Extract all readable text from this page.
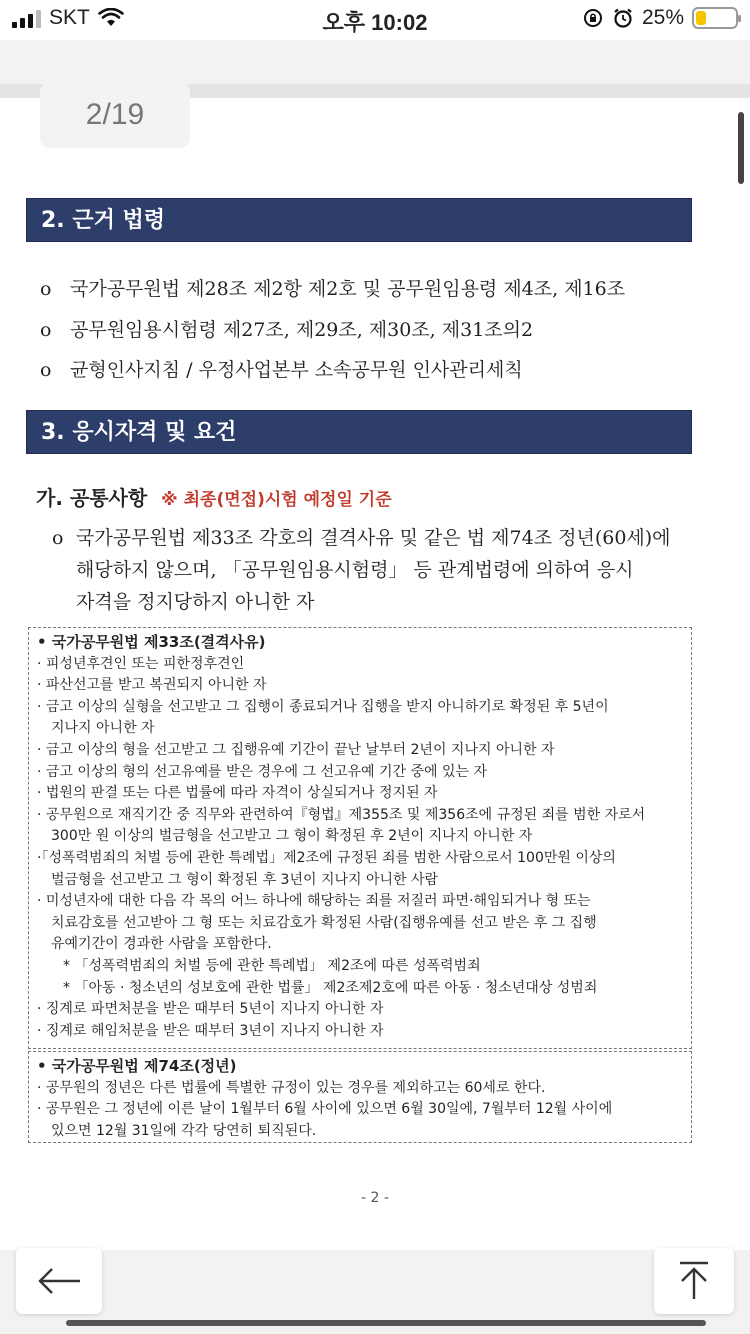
SKT	오후 10:02	25%
2/19
2. 근거 법령
o 국가공무원법 제28조 제2항 제2호 및 공무원임용령 제4조, 제16조
o 공무원임용시험령 제27조, 제29조, 제30조, 제31조의2
o 균형인사지침 / 우정사업본부 소속공무원 인사관리세칙
3. 응시자격 및 요건
가. 공통사항 ※ 최종(면접)시험 예정일 기준
o 국가공무원법 제33조 각호의 결격사유 및 같은 법 제74조 정년(60세)에
해당하지 않으며, 「공무원임용시험령」 등 관계법령에 의하여 응시
자격을 정지당하지 아니한 자
• 국가공무원법 제33조(결격사유)
· 피성년후견인 또는 피한정후견인
· 파산선고를 받고 복권되지 아니한 자
· 금고 이상의 실형을 선고받고 그 집행이 종료되거나 집행을 받지 아니하기로 확정된 후 5년이
지나지 아니한 자
· 금고 이상의 형을 선고받고 그 집행유예 기간이 끝난 날부터 2년이 지나지 아니한 자
· 금고 이상의 형의 선고유예를 받은 경우에 그 선고유예 기간 중에 있는 자
· 법원의 판결 또는 다른 법률에 따라 자격이 상실되거나 정지된 자
· 공무원으로 재직기간 중 직무와 관련하여『형법』제355조 및 제356조에 규정된 죄를 범한 자로서
300만 원 이상의 벌금형을 선고받고 그 형이 확정된 후 2년이 지나지 아니한 자
·「성폭력범죄의 처벌 등에 관한 특례법」제2조에 규정된 죄를 범한 사람으로서 100만원 이상의
벌금형을 선고받고 그 형이 확정된 후 3년이 지나지 아니한 사람
· 미성년자에 대한 다음 각 목의 어느 하나에 해당하는 죄를 저질러 파면·해임되거나 형 또는
치료감호를 선고받아 그 형 또는 치료감호가 확정된 사람(집행유예를 선고 받은 후 그 집행
유예기간이 경과한 사람을 포함한다.
* 「성폭력범죄의 처벌 등에 관한 특례법」 제2조에 따른 성폭력범죄
* 「아동 · 청소년의 성보호에 관한 법률」 제2조제2호에 따른 아동 · 청소년대상 성범죄
· 징계로 파면처분을 받은 때부터 5년이 지나지 아니한 자
· 징계로 해임처분을 받은 때부터 3년이 지나지 아니한 자
• 국가공무원법 제74조(정년)
· 공무원의 정년은 다른 법률에 특별한 규정이 있는 경우를 제외하고는 60세로 한다.
· 공무원은 그 정년에 이른 날이 1월부터 6월 사이에 있으면 6월 30일에, 7월부터 12월 사이에
있으면 12월 31일에 각각 당연히 퇴직된다.
- 2 -
